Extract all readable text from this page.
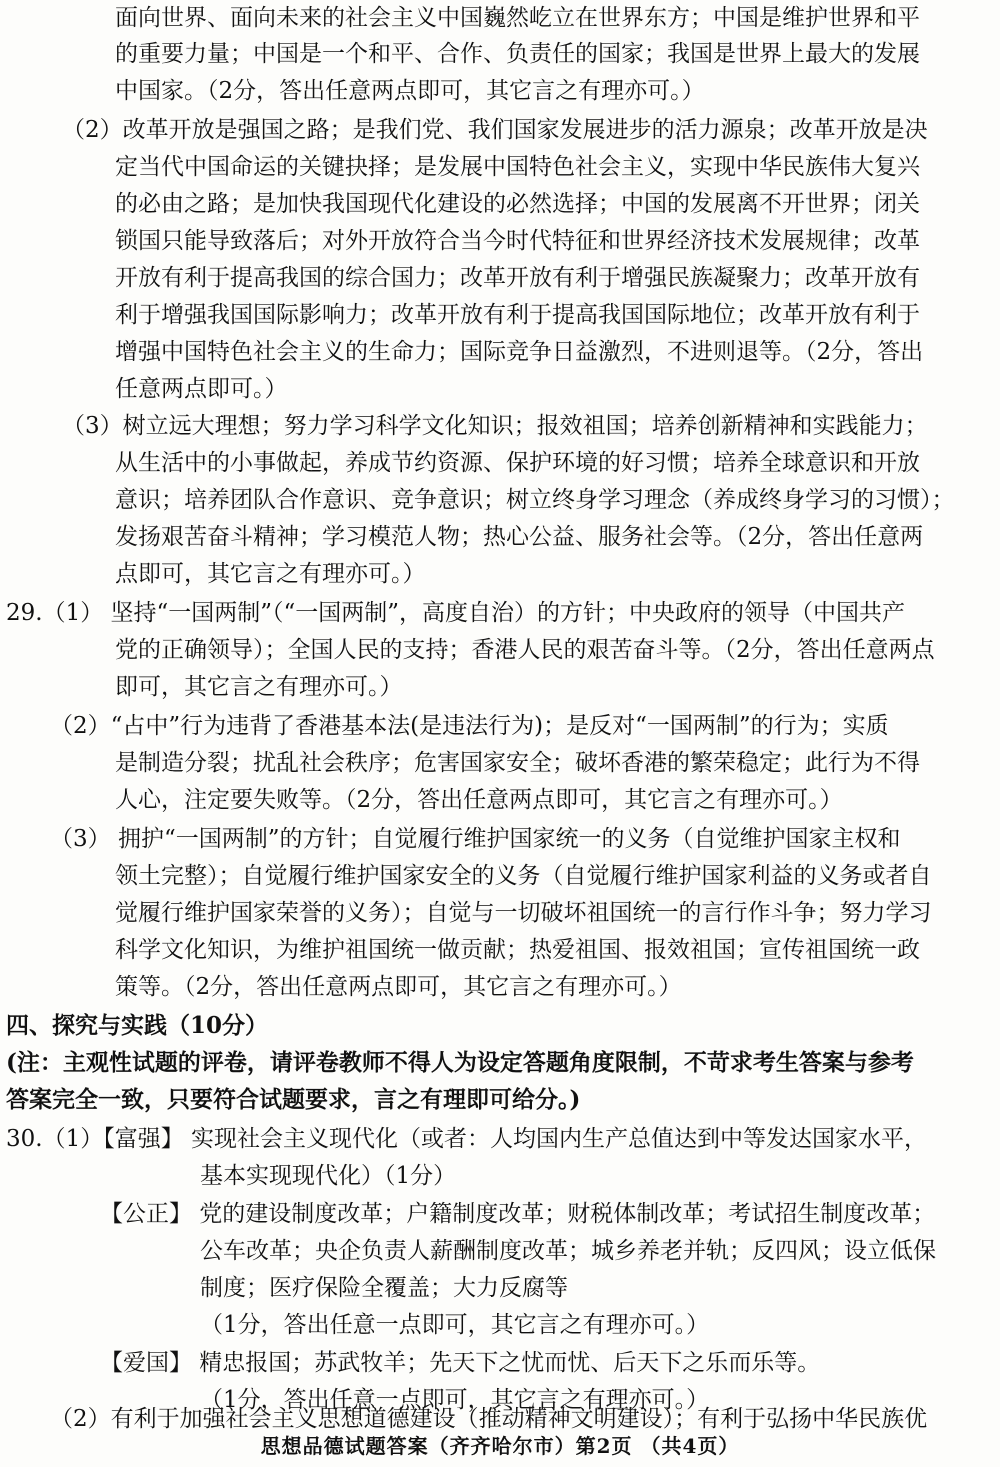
面向世界、面向未来的社会主义中国巍然屹立在世界东方；中国是维护世界和平
的重要力量；中国是一个和平、合作、负责任的国家；我国是世界上最大的发展
中国家。（2分，答出任意两点即可，其它言之有理亦可。）
（2）改革开放是强国之路；是我们党、我们国家发展进步的活力源泉；改革开放是决
定当代中国命运的关键抉择；是发展中国特色社会主义，实现中华民族伟大复兴
的必由之路；是加快我国现代化建设的必然选择；中国的发展离不开世界；闭关
锁国只能导致落后；对外开放符合当今时代特征和世界经济技术发展规律；改革
开放有利于提高我国的综合国力；改革开放有利于增强民族凝聚力；改革开放有
利于增强我国国际影响力；改革开放有利于提高我国国际地位；改革开放有利于
增强中国特色社会主义的生命力；国际竞争日益激烈，不进则退等。（2分，答出
任意两点即可。）
（3）树立远大理想；努力学习科学文化知识；报效祖国；培养创新精神和实践能力；
从生活中的小事做起，养成节约资源、保护环境的好习惯；培养全球意识和开放
意识；培养团队合作意识、竞争意识；树立终身学习理念（养成终身学习的习惯）；
发扬艰苦奋斗精神；学习模范人物；热心公益、服务社会等。（2分，答出任意两
点即可，其它言之有理亦可。）
29.（1） 坚持“一国两制”（“一国两制”，高度自治）的方针；中央政府的领导（中国共产
党的正确领导）；全国人民的支持；香港人民的艰苦奋斗等。（2分，答出任意两点
即可，其它言之有理亦可。）
（2）“占中”行为违背了香港基本法(是违法行为)；是反对“一国两制”的行为；实质
是制造分裂；扰乱社会秩序；危害国家安全；破坏香港的繁荣稳定；此行为不得
人心，注定要失败等。（2分，答出任意两点即可，其它言之有理亦可。）
（3） 拥护“一国两制”的方针；自觉履行维护国家统一的义务（自觉维护国家主权和
领土完整）；自觉履行维护国家安全的义务（自觉履行维护国家利益的义务或者自
觉履行维护国家荣誉的义务）；自觉与一切破坏祖国统一的言行作斗争；努力学习
科学文化知识，为维护祖国统一做贡献；热爱祖国、报效祖国；宣传祖国统一政
策等。（2分，答出任意两点即可，其它言之有理亦可。）
四、探究与实践（10分）
(注：主观性试题的评卷，请评卷教师不得人为设定答题角度限制，不苛求考生答案与参考
答案完全一致，只要符合试题要求，言之有理即可给分。)
30.（1）【富强】 实现社会主义现代化（或者：人均国内生产总值达到中等发达国家水平，
基本实现现代化）（1分）
【公正】 党的建设制度改革；户籍制度改革；财税体制改革；考试招生制度改革；
公车改革；央企负责人薪酬制度改革；城乡养老并轨；反四风；设立低保
制度；医疗保险全覆盖；大力反腐等
（1分，答出任意一点即可，其它言之有理亦可。）
【爱国】 精忠报国；苏武牧羊；先天下之忧而忧、后天下之乐而乐等。
（1分，答出任意一点即可，其它言之有理亦可。）
（2）有利于加强社会主义思想道德建设（推动精神文明建设）；有利于弘扬中华民族优
思想品德试题答案（齐齐哈尔市）第2页 （共4页）
